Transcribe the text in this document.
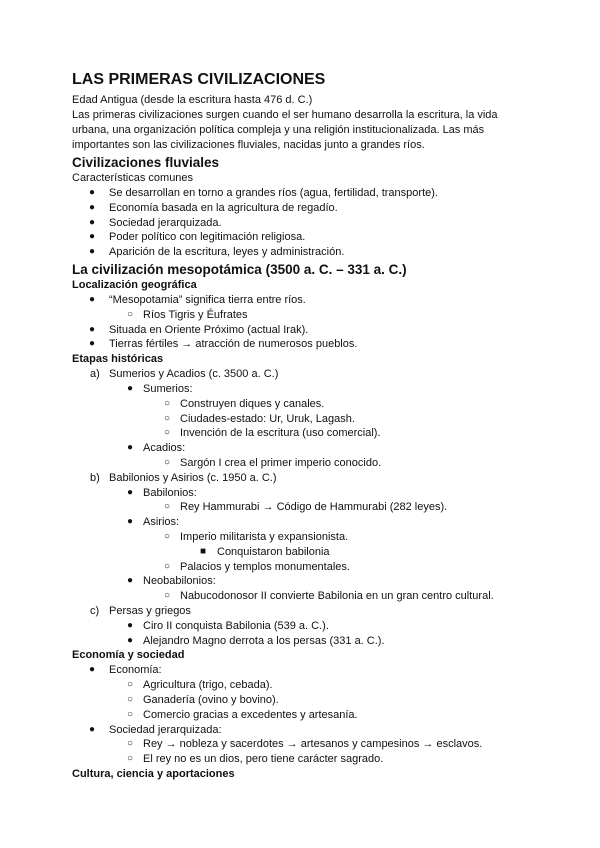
LAS PRIMERAS CIVILIZACIONES

Edad Antigua (desde la escritura hasta 476 d. C.)

Las primeras civilizaciones surgen cuando el ser humano desarrolla la escritura, la vida urbana, una organización política compleja y una religión institucionalizada. Las más importantes son las civilizaciones fluviales, nacidas junto a grandes ríos.

Civilizaciones fluviales

Características comunes

● Se desarrollan en torno a grandes ríos (agua, fertilidad, transporte).
● Economía basada en la agricultura de regadío.
● Sociedad jerarquizada.
● Poder político con legitimación religiosa.
● Aparición de la escritura, leyes y administración.
La civilización mesopotámica (3500 a. C. – 331 a. C.)
Localización geográfica
● “Mesopotamia” significa tierra entre ríos.
○ Ríos Tigris y Éufrates
● Situada en Oriente Próximo (actual Irak).
● Tierras fértiles → atracción de numerosos pueblos.
Etapas históricas
a) Sumerios y Acadios (c. 3500 a. C.)
● Sumerios:
○ Construyen diques y canales.
○ Ciudades-estado: Ur, Uruk, Lagash.
○ Invención de la escritura (uso comercial).
● Acadios:
○ Sargón I crea el primer imperio conocido.
b) Babilonios y Asirios (c. 1950 a. C.)
● Babilonios:
○ Rey Hammurabi → Código de Hammurabi (282 leyes).
● Asirios:
○ Imperio militarista y expansionista.
■ Conquistaron babilonia
○ Palacios y templos monumentales.
● Neobabilonios:
○ Nabucodonosor II convierte Babilonia en un gran centro cultural.
c) Persas y griegos
● Ciro II conquista Babilonia (539 a. C.).
● Alejandro Magno derrota a los persas (331 a. C.).
Economía y sociedad
● Economía:
○ Agricultura (trigo, cebada).
○ Ganadería (ovino y bovino).
○ Comercio gracias a excedentes y artesanía.
● Sociedad jerarquizada:
○ Rey → nobleza y sacerdotes → artesanos y campesinos → esclavos.
○ El rey no es un dios, pero tiene carácter sagrado.
Cultura, ciencia y aportaciones
